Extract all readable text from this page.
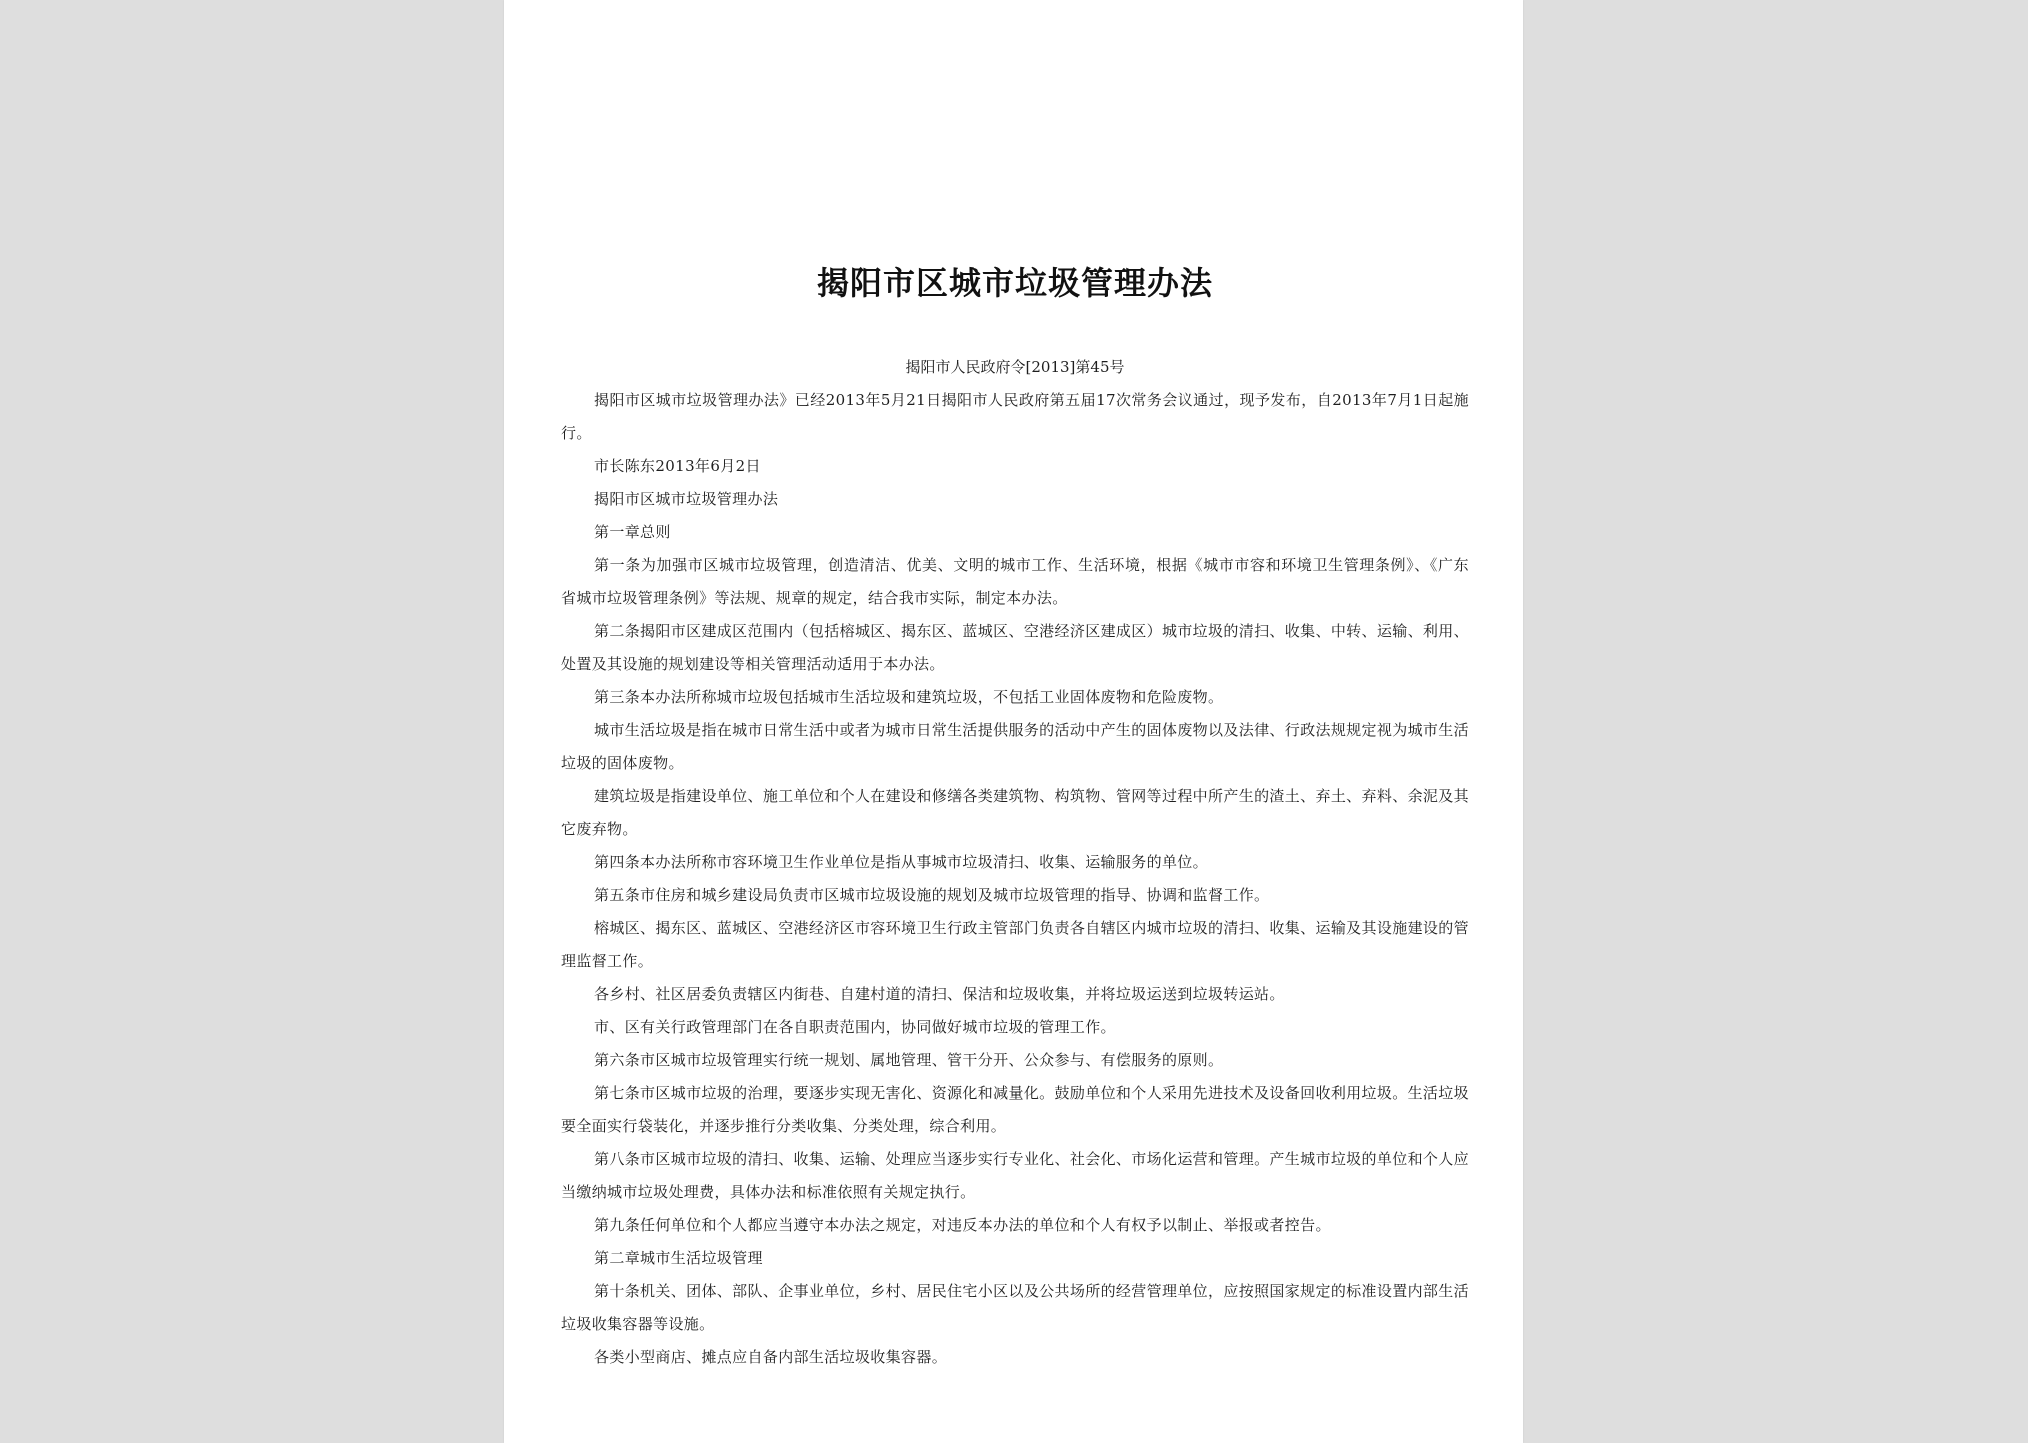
揭阳市区城市垃圾管理办法

揭阳市人民政府令[2013]第45号

揭阳市区城市垃圾管理办法》已经2013年5月21日揭阳市人民政府第五届17次常务会议通过，现予发布，自2013年7月1日起施行。

市长陈东2013年6月2日

揭阳市区城市垃圾管理办法

第一章总则

第一条为加强市区城市垃圾管理，创造清洁、优美、文明的城市工作、生活环境，根据《城市市容和环境卫生管理条例》、《广东省城市垃圾管理条例》等法规、规章的规定，结合我市实际，制定本办法。

第二条揭阳市区建成区范围内（包括榕城区、揭东区、蓝城区、空港经济区建成区）城市垃圾的清扫、收集、中转、运输、利用、处置及其设施的规划建设等相关管理活动适用于本办法。

第三条本办法所称城市垃圾包括城市生活垃圾和建筑垃圾，不包括工业固体废物和危险废物。

城市生活垃圾是指在城市日常生活中或者为城市日常生活提供服务的活动中产生的固体废物以及法律、行政法规规定视为城市生活垃圾的固体废物。

建筑垃圾是指建设单位、施工单位和个人在建设和修缮各类建筑物、构筑物、管网等过程中所产生的渣土、弃土、弃料、余泥及其它废弃物。

第四条本办法所称市容环境卫生作业单位是指从事城市垃圾清扫、收集、运输服务的单位。

第五条市住房和城乡建设局负责市区城市垃圾设施的规划及城市垃圾管理的指导、协调和监督工作。

榕城区、揭东区、蓝城区、空港经济区市容环境卫生行政主管部门负责各自辖区内城市垃圾的清扫、收集、运输及其设施建设的管理监督工作。

各乡村、社区居委负责辖区内街巷、自建村道的清扫、保洁和垃圾收集，并将垃圾运送到垃圾转运站。

市、区有关行政管理部门在各自职责范围内，协同做好城市垃圾的管理工作。

第六条市区城市垃圾管理实行统一规划、属地管理、管干分开、公众参与、有偿服务的原则。

第七条市区城市垃圾的治理，要逐步实现无害化、资源化和减量化。鼓励单位和个人采用先进技术及设备回收利用垃圾。生活垃圾要全面实行袋装化，并逐步推行分类收集、分类处理，综合利用。

第八条市区城市垃圾的清扫、收集、运输、处理应当逐步实行专业化、社会化、市场化运营和管理。产生城市垃圾的单位和个人应当缴纳城市垃圾处理费，具体办法和标准依照有关规定执行。

第九条任何单位和个人都应当遵守本办法之规定，对违反本办法的单位和个人有权予以制止、举报或者控告。

第二章城市生活垃圾管理

第十条机关、团体、部队、企事业单位，乡村、居民住宅小区以及公共场所的经营管理单位，应按照国家规定的标准设置内部生活垃圾收集容器等设施。

各类小型商店、摊点应自备内部生活垃圾收集容器。
